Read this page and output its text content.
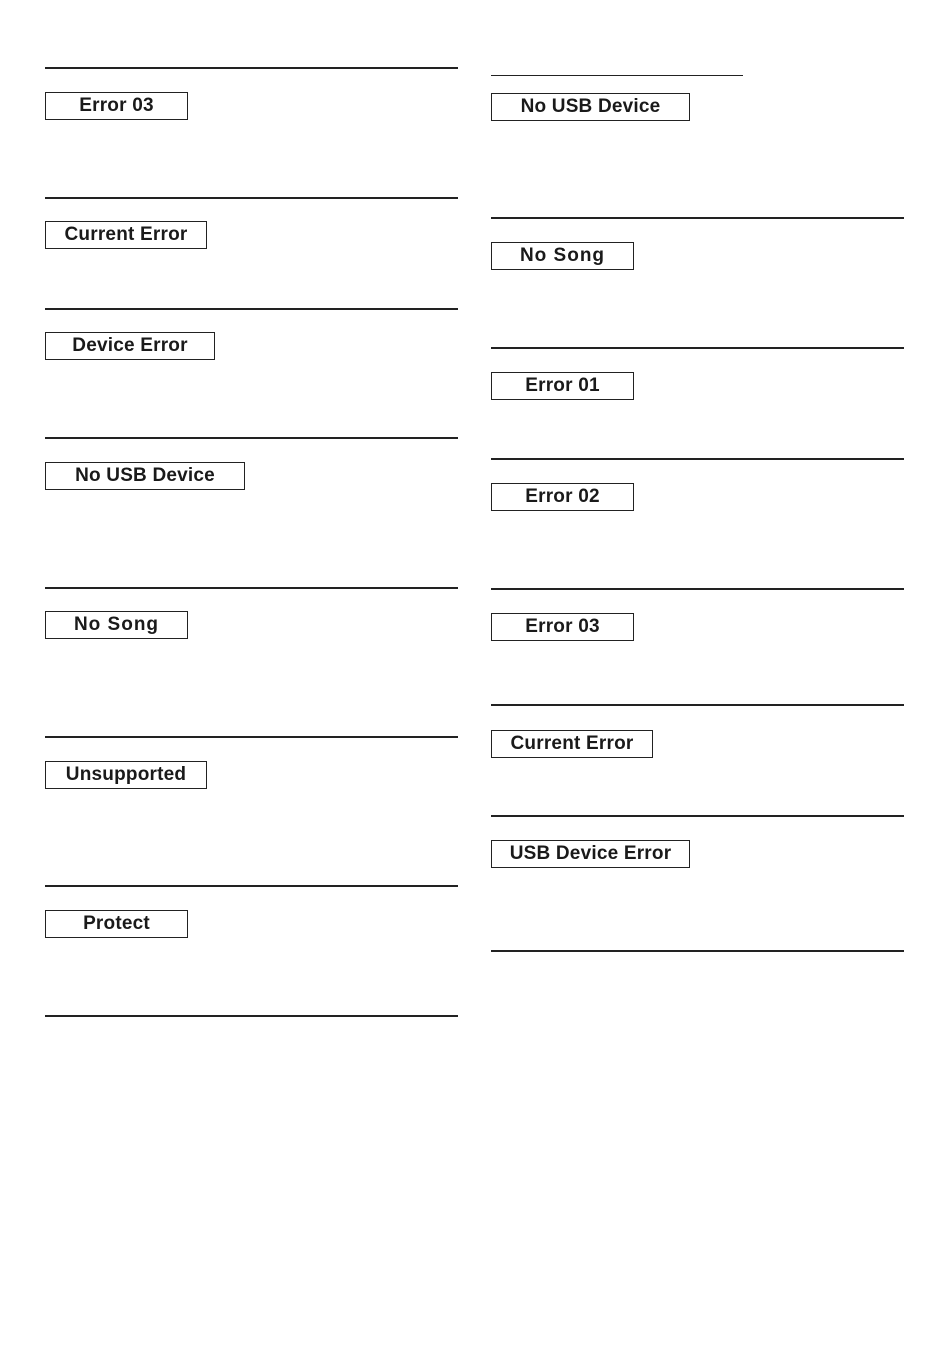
Error 03
Current Error
Device Error
No USB Device
No Song
Unsupported
Protect
No USB Device
No Song
Error 01
Error 02
Error 03
Current Error
USB Device Error
